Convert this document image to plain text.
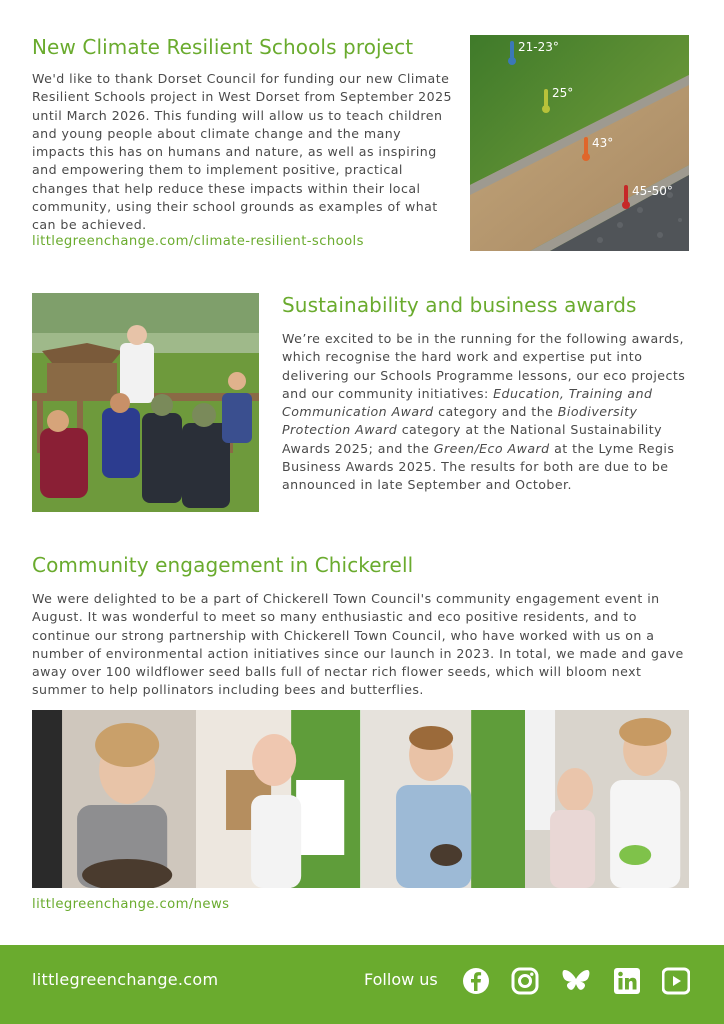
New Climate Resilient Schools project

We'd like to thank Dorset Council for funding our new Climate Resilient Schools project in West Dorset from September 2025 until March 2026. This funding will allow us to teach children and young people about climate change and the many impacts this has on humans and nature, as well as inspiring and empowering them to implement positive, practical changes that help reduce these impacts within their local community, using their school grounds as examples of what can be achieved.

littlegreenchange.com/climate-resilient-schools
21-23°
25°
43°
45-50°
Sustainability and business awards

We’re excited to be in the running for the following awards, which recognise the hard work and expertise put into delivering our Schools Programme lessons, our eco projects and our community initiatives: Education, Training and Communication Award category and the Biodiversity Protection Award category at the National Sustainability Awards 2025; and the Green/Eco Award at the Lyme Regis Business Awards 2025. The results for both are due to be announced in late September and October.

Community engagement in Chickerell

We were delighted to be a part of Chickerell Town Council's community engagement event in August. It was wonderful to meet so many enthusiastic and eco positive residents, and to continue our strong partnership with Chickerell Town Council, who have worked with us on a number of environmental action initiatives since our launch in 2023. In total, we made and gave away over 100 wildflower seed balls full of nectar rich flower seeds, which will bloom next summer to help pollinators including bees and butterflies.

littlegreenchange.com/news
littlegreenchange.com	Follow us
